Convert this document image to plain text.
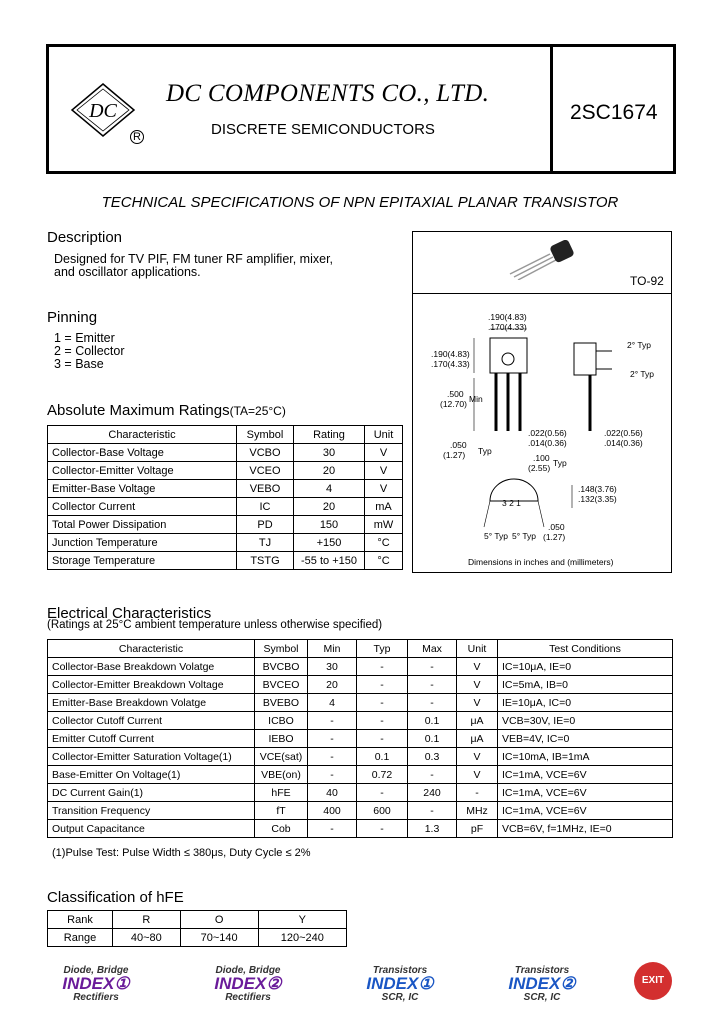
DC
R
DC COMPONENTS CO., LTD.
DISCRETE SEMICONDUCTORS
2SC1674
TECHNICAL SPECIFICATIONS OF NPN EPITAXIAL PLANAR TRANSISTOR
Description
Designed for TV PIF, FM tuner RF amplifier, mixer,
and oscillator applications.
Pinning
1 = Emitter
2 = Collector
3 = Base
TO-92
.190(4.83)
.170(4.33)
.190(4.83)
.170(4.33)
.500
(12.70) Min
.050
(1.27) Typ
.022(0.56)
.014(0.36)
.022(0.56)
.014(0.36)
.100
(2.55) Typ
2° Typ
2° Typ
.148(3.76)
.132(3.35)
3 2 1
.050
(1.27)
5° Typ 5° Typ
Dimensions in inches and (millimeters)
Absolute Maximum Ratings(TA=25°C)
Characteristic	Symbol	Rating	Unit
Collector-Base Voltage	VCBO	30	V
Collector-Emitter Voltage	VCEO	20	V
Emitter-Base Voltage	VEBO	4	V
Collector Current	IC	20	mA
Total Power Dissipation	PD	150	mW
Junction Temperature	TJ	+150	°C
Storage Temperature	TSTG	-55 to +150	°C
Electrical Characteristics
(Ratings at 25°C ambient temperature unless otherwise specified)
Characteristic	Symbol	Min	Typ	Max	Unit	Test Conditions
Collector-Base Breakdown Volatge	BVCBO	30	-	-	V	IC=10μA, IE=0
Collector-Emitter Breakdown Voltage	BVCEO	20	-	-	V	IC=5mA, IB=0
Emitter-Base Breakdown Volatge	BVEBO	4	-	-	V	IE=10μA, IC=0
Collector Cutoff Current	ICBO	-	-	0.1	μA	VCB=30V, IE=0
Emitter Cutoff Current	IEBO	-	-	0.1	μA	VEB=4V, IC=0
Collector-Emitter Saturation Voltage(1)	VCE(sat)	-	0.1	0.3	V	IC=10mA, IB=1mA
Base-Emitter On Voltage(1)	VBE(on)	-	0.72	-	V	IC=1mA, VCE=6V
DC Current Gain(1)	hFE	40	-	240	-	IC=1mA, VCE=6V
Transition Frequency	fT	400	600	-	MHz	IC=1mA, VCE=6V
Output Capacitance	Cob	-	-	1.3	pF	VCB=6V, f=1MHz, IE=0
(1)Pulse Test: Pulse Width ≤ 380μs, Duty Cycle ≤ 2%
Classification of hFE
Rank	R	O	Y
Range	40~80	70~140	120~240
Diode, Bridge
INDEX①
Rectifiers
Diode, Bridge
INDEX②
Rectifiers
Transistors
INDEX①
SCR, IC
Transistors
INDEX②
SCR, IC
EXIT
